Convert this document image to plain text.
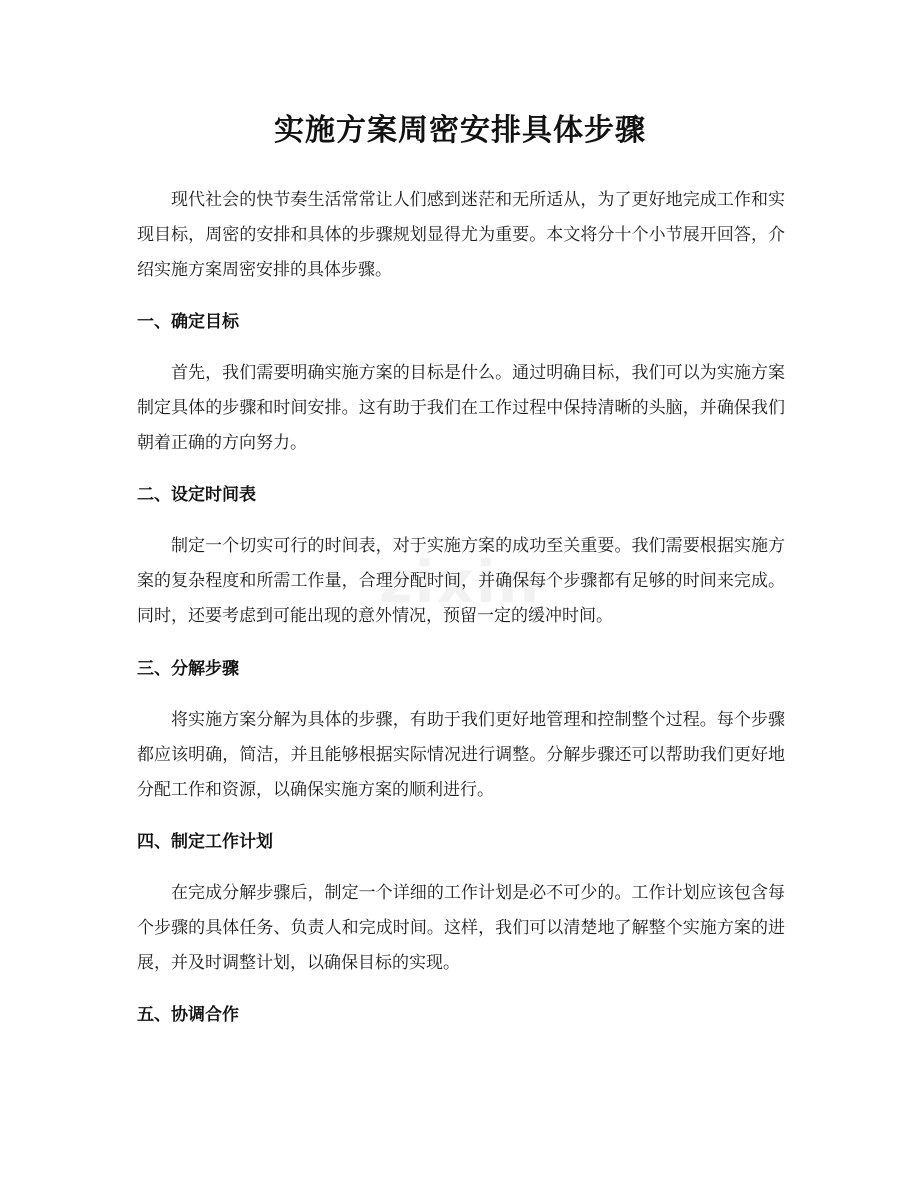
实施方案周密安排具体步骤

现代社会的快节奏生活常常让人们感到迷茫和无所适从，为了更好地完成工作和实现目标，周密的安排和具体的步骤规划显得尤为重要。本文将分十个小节展开回答，介绍实施方案周密安排的具体步骤。

一、确定目标

首先，我们需要明确实施方案的目标是什么。通过明确目标，我们可以为实施方案制定具体的步骤和时间安排。这有助于我们在工作过程中保持清晰的头脑，并确保我们朝着正确的方向努力。

二、设定时间表

制定一个切实可行的时间表，对于实施方案的成功至关重要。我们需要根据实施方案的复杂程度和所需工作量，合理分配时间，并确保每个步骤都有足够的时间来完成。同时，还要考虑到可能出现的意外情况，预留一定的缓冲时间。

三、分解步骤

将实施方案分解为具体的步骤，有助于我们更好地管理和控制整个过程。每个步骤都应该明确，简洁，并且能够根据实际情况进行调整。分解步骤还可以帮助我们更好地分配工作和资源，以确保实施方案的顺利进行。

四、制定工作计划

在完成分解步骤后，制定一个详细的工作计划是必不可少的。工作计划应该包含每个步骤的具体任务、负责人和完成时间。这样，我们可以清楚地了解整个实施方案的进展，并及时调整计划，以确保目标的实现。

五、协调合作
zixin
